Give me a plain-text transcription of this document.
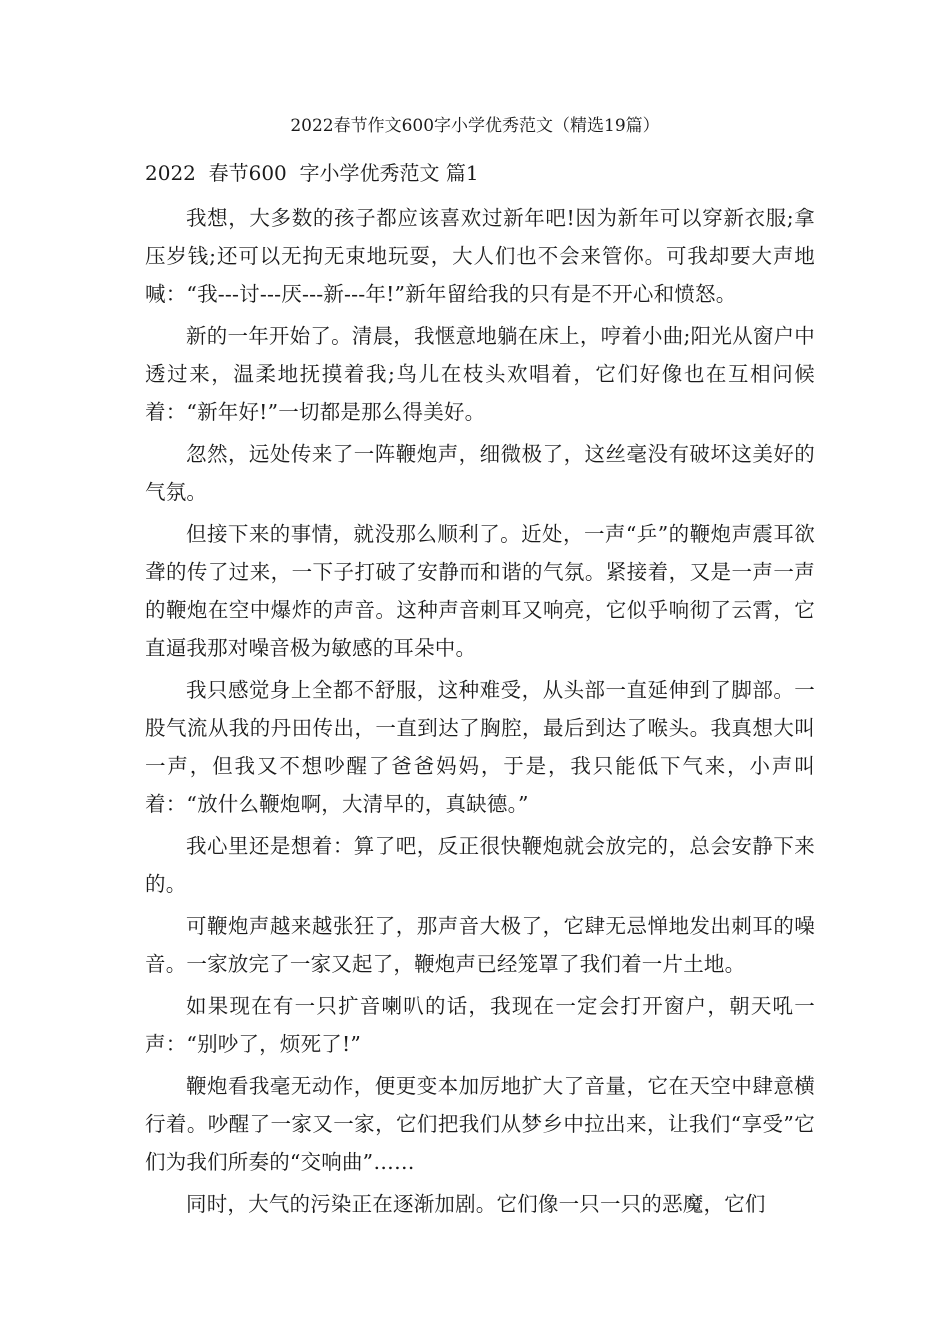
2022春节作文600字小学优秀范文（精选19篇）
2022  春节600  字小学优秀范文 篇1

我想，大多数的孩子都应该喜欢过新年吧!因为新年可以穿新衣服;拿压岁钱;还可以无拘无束地玩耍，大人们也不会来管你。可我却要大声地喊：“我---讨---厌---新---年!”新年留给我的只有是不开心和愤怒。

新的一年开始了。清晨，我惬意地躺在床上，哼着小曲;阳光从窗户中透过来，温柔地抚摸着我;鸟儿在枝头欢唱着，它们好像也在互相问候着：“新年好!”一切都是那么得美好。

忽然，远处传来了一阵鞭炮声，细微极了，这丝毫没有破坏这美好的气氛。

但接下来的事情，就没那么顺利了。近处，一声“乒”的鞭炮声震耳欲聋的传了过来，一下子打破了安静而和谐的气氛。紧接着，又是一声一声的鞭炮在空中爆炸的声音。这种声音刺耳又响亮，它似乎响彻了云霄，它直逼我那对噪音极为敏感的耳朵中。

我只感觉身上全都不舒服，这种难受，从头部一直延伸到了脚部。一股气流从我的丹田传出，一直到达了胸腔，最后到达了喉头。我真想大叫一声，但我又不想吵醒了爸爸妈妈，于是，我只能低下气来，小声叫着：“放什么鞭炮啊，大清早的，真缺德。”

我心里还是想着：算了吧，反正很快鞭炮就会放完的，总会安静下来的。

可鞭炮声越来越张狂了，那声音大极了，它肆无忌惮地发出刺耳的噪音。一家放完了一家又起了，鞭炮声已经笼罩了我们着一片土地。

如果现在有一只扩音喇叭的话，我现在一定会打开窗户，朝天吼一声：“别吵了，烦死了!”

鞭炮看我毫无动作，便更变本加厉地扩大了音量，它在天空中肆意横行着。吵醒了一家又一家，它们把我们从梦乡中拉出来，让我们“享受”它们为我们所奏的“交响曲”……

同时，大气的污染正在逐渐加剧。它们像一只一只的恶魔，它们
